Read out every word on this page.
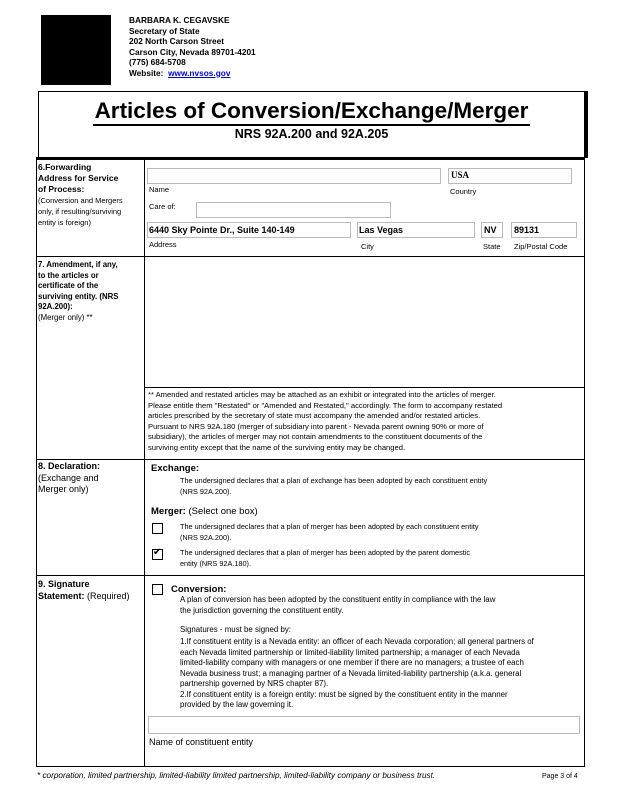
BARBARA K. CEGAVSKE
Secretary of State
202 North Carson Street
Carson City, Nevada 89701-4201
(775) 684-5708
Website: www.nvsos.gov
Articles of Conversion/Exchange/Merger
NRS 92A.200 and 92A.205
6.Forwarding
Address for Service
of Process:
(Conversion and Mergers
only, if resulting/surviving
entity is foreign)
Name
USA
Country
Care of:
6440 Sky Pointe Dr., Suite 140-149
Address
Las Vegas
City
NV
State
89131
Zip/Postal Code
7. Amendment, if any,
to the articles or
certificate of the
surviving entity. (NRS
92A.200):
(Merger only) **
** Amended and restated articles may be attached as an exhibit or integrated into the articles of merger.
Please entitle them "Restated" or "Amended and Restated," accordingly. The form to accompany restated
articles prescribed by the secretary of state must accompany the amended and/or restated articles.
Pursuant to NRS 92A.180 (merger of subsidiary into parent - Nevada parent owning 90% or more of
subsidiary), the articles of merger may not contain amendments to the constituent documents of the
surviving entity except that the name of the surviving entity may be changed.
8. Declaration:
(Exchange and
Merger only)
Exchange:
The undersigned declares that a plan of exchange has been adopted by each constituent entity
(NRS 92A.200).
Merger: (Select one box)
The undersigned declares that a plan of merger has been adopted by each constituent entity
(NRS 92A.200).
✔	The undersigned declares that a plan of merger has been adopted by the parent domestic
entity (NRS 92A.180).
9. Signature
Statement: (Required)
Conversion:
A plan of conversion has been adopted by the constituent entity in compliance with the law
the jurisdiction governing the constituent entity.
Signatures - must be signed by:
1.If constituent entity is a Nevada entity: an officer of each Nevada corporation; all general partners of
each Nevada limited partnership or limited-liability limited partnership; a manager of each Nevada
limited-liability company with managers or one member if there are no managers; a trustee of each
Nevada business trust; a managing partner of a Nevada limited-liability partnership (a.k.a. general
partnership governed by NRS chapter 87).
2.If constituent entity is a foreign entity: must be signed by the constituent entity in the manner
provided by the law governing it.
Name of constituent entity
* corporation, limited partnership, limited-liability limited partnership, limited-liability company or business trust.	Page 3 of 4
